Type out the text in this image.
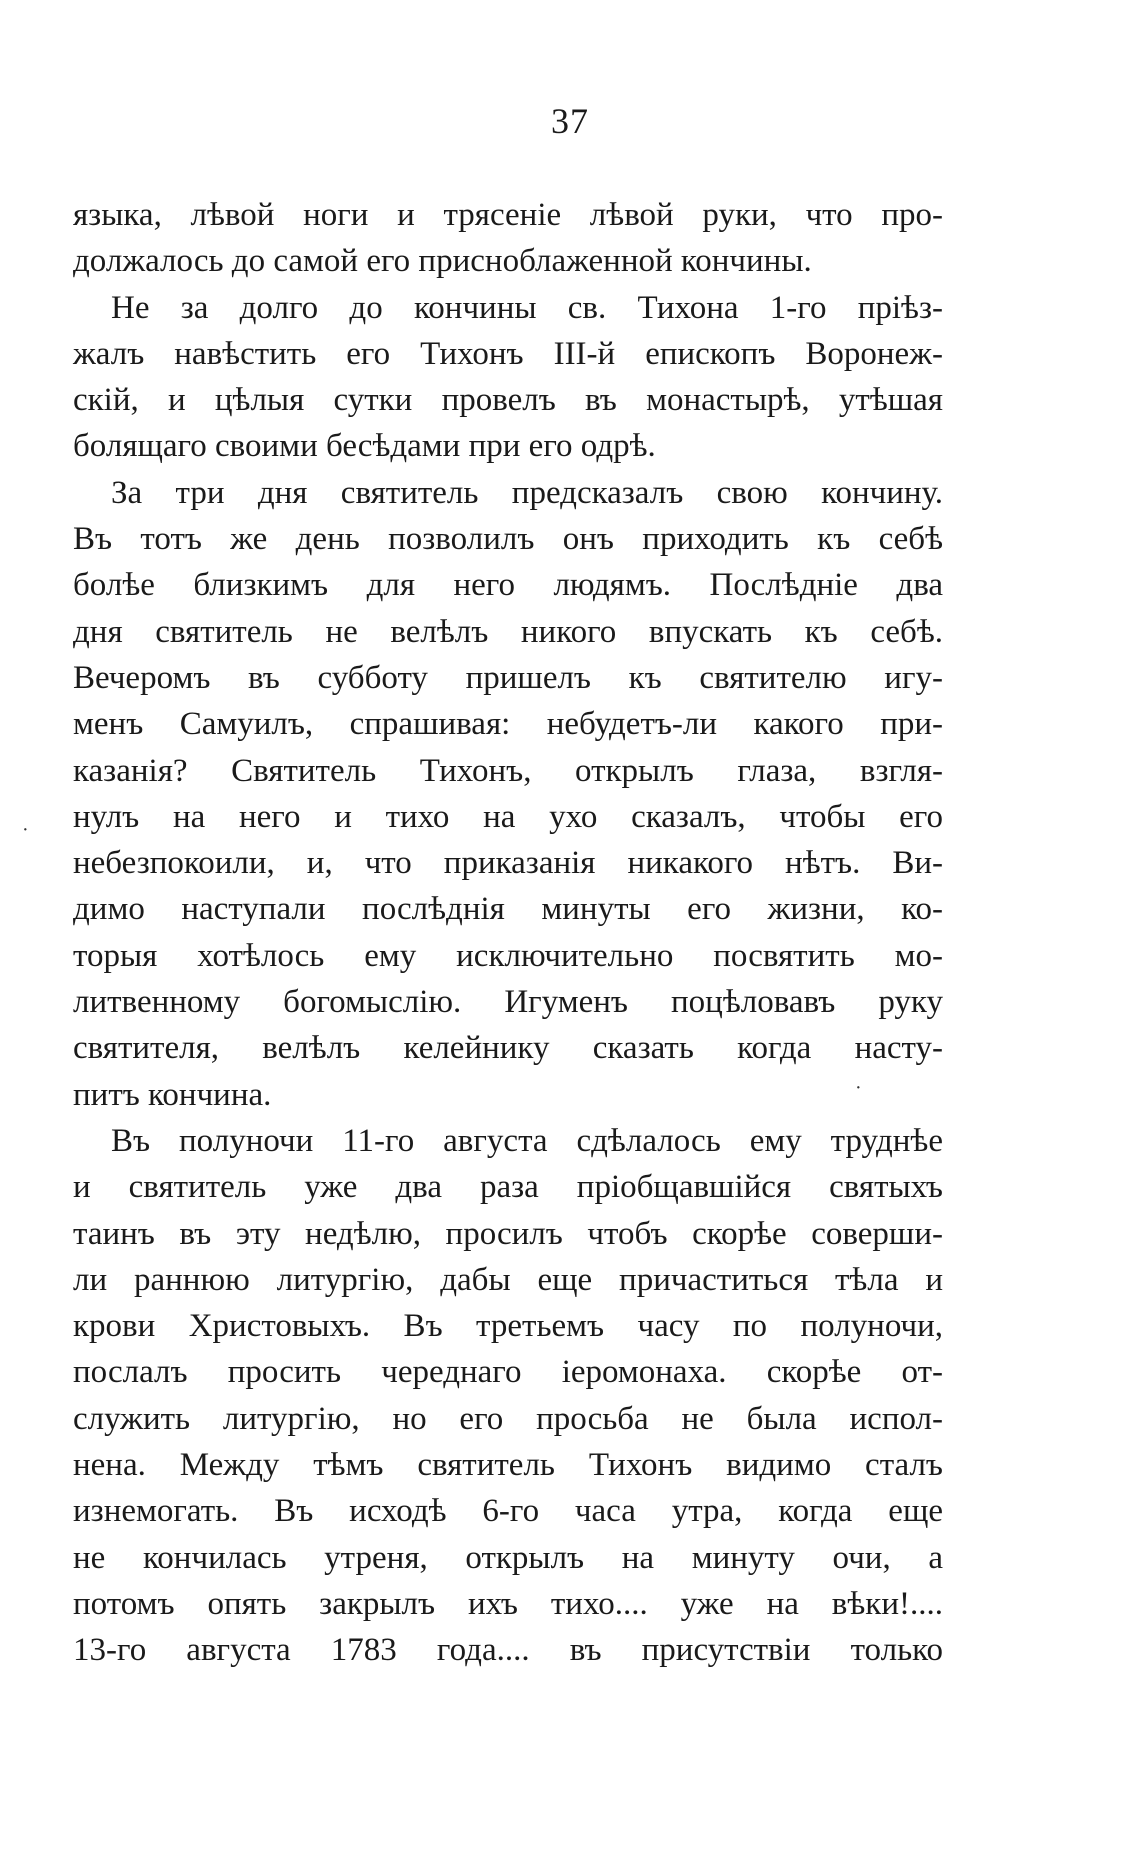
37
языка, лѣвой ноги и трясеніе лѣвой руки, что про-
должалось до самой его приснoблаженной кончины.
Не за долго до кончины св. Тихона 1-го прiѣз-
жалъ навѣстить его Тихонъ III-й епископъ Воронеж-
скiй, и цѣлыя сутки провелъ въ монастырѣ, утѣшая
болящаго своими бесѣдами при его одрѣ.
За три дня святитель предсказалъ свою кончину.
Въ тотъ же день позволилъ онъ приходить къ себѣ
болѣе близкимъ для него людямъ. Послѣднiе два
дня святитель не велѣлъ никого впускать къ себѣ.
Вечеромъ въ субботу пришелъ къ святителю игу-
менъ Самуилъ, спрашивая: небудетъ-ли какого при-
казанiя? Святитель Тихонъ, открылъ глаза, взгля-
нулъ на него и тихо на ухо сказалъ, чтобы его
небезпокоили, и, что приказанiя никакого нѣтъ. Ви-
димо наступали послѣднiя минуты его жизни, ко-
торыя хотѣлось ему исключительно посвятить мо-
литвенному богомыслiю. Игуменъ поцѣловавъ руку
святителя, велѣлъ келейнику сказать когда насту-
питъ кончина.
Въ полуночи 11-го августа сдѣлалось ему труднѣе
и святитель уже два раза прiобщавшiйся святыхъ
таинъ въ эту недѣлю, просилъ чтобъ скорѣе соверши-
ли раннюю литургiю, дабы еще причаститься тѣла и
крови Христовыхъ. Въ третьемъ часу по полуночи,
послалъ просить череднаго iеромонаха. скорѣе от-
служить литургiю, но его просьба не была испол-
нена. Между тѣмъ святитель Тихонъ видимо сталъ
изнемогать. Въ исходѣ 6-го часа утра, когда еще
не кончилась утреня, открылъ на минуту очи, а
потомъ опять закрылъ ихъ тихо.... уже на вѣки!....
13-го августа 1783 года.... въ присутствiи только
·
·
